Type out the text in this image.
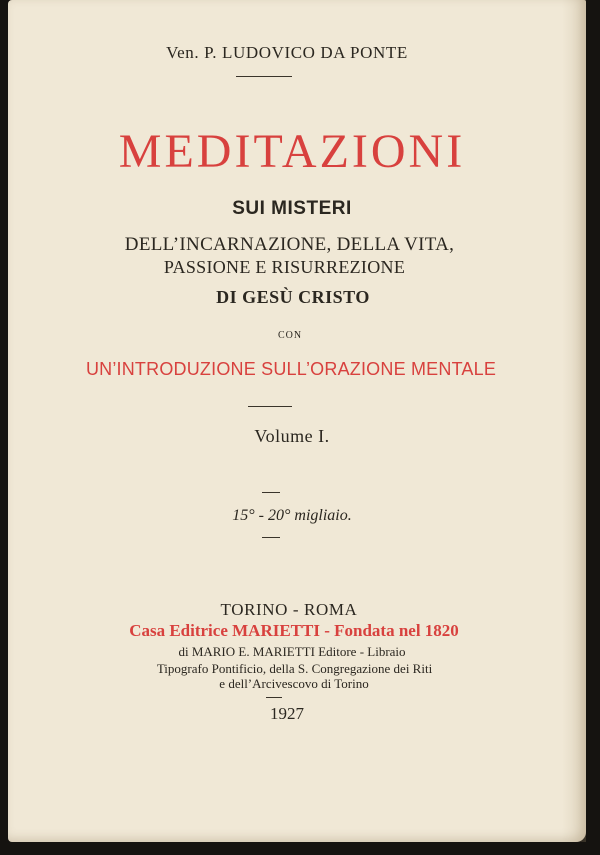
Ven. P. LUDOVICO DA PONTE
MEDITAZIONI
SUI MISTERI
DELL’INCARNAZIONE, DELLA VITA,
PASSIONE E RISURREZIONE
DI GESÙ CRISTO
CON
UN’INTRODUZIONE SULL’ORAZIONE MENTALE
Volume I.
15° - 20° migliaio.
TORINO - ROMA
Casa Editrice MARIETTI - Fondata nel 1820
di MARIO E. MARIETTI Editore - Libraio
Tipografo Pontificio, della S. Congregazione dei Riti
e dell’Arcivescovo di Torino
1927
